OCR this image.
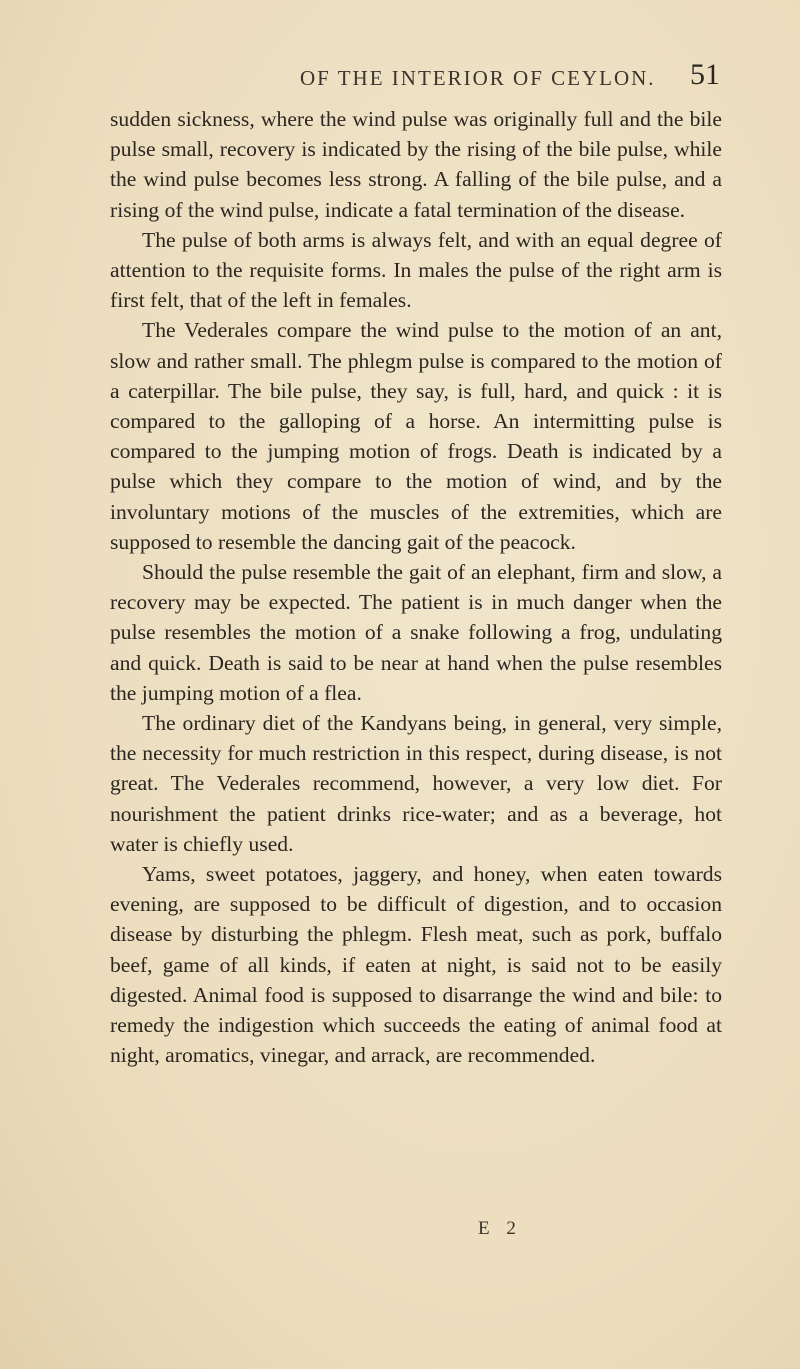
OF THE INTERIOR OF CEYLON. 51

sudden sickness, where the wind pulse was originally full and the bile pulse small, recovery is indicated by the rising of the bile pulse, while the wind pulse becomes less strong. A falling of the bile pulse, and a rising of the wind pulse, indicate a fatal termination of the disease.

The pulse of both arms is always felt, and with an equal degree of attention to the requisite forms. In males the pulse of the right arm is first felt, that of the left in females.

The Vederales compare the wind pulse to the motion of an ant, slow and rather small. The phlegm pulse is compared to the motion of a caterpillar. The bile pulse, they say, is full, hard, and quick : it is compared to the galloping of a horse. An intermitting pulse is compared to the jumping motion of frogs. Death is indicated by a pulse which they compare to the motion of wind, and by the involuntary motions of the muscles of the extremities, which are supposed to resemble the dancing gait of the peacock.

Should the pulse resemble the gait of an elephant, firm and slow, a recovery may be expected. The patient is in much danger when the pulse resembles the motion of a snake following a frog, undulating and quick. Death is said to be near at hand when the pulse resembles the jumping motion of a flea.

The ordinary diet of the Kandyans being, in general, very simple, the necessity for much restriction in this respect, during disease, is not great. The Vederales recommend, however, a very low diet. For nourishment the patient drinks rice-water; and as a beverage, hot water is chiefly used.

Yams, sweet potatoes, jaggery, and honey, when eaten towards evening, are supposed to be difficult of digestion, and to occasion disease by disturbing the phlegm. Flesh meat, such as pork, buffalo beef, game of all kinds, if eaten at night, is said not to be easily digested. Animal food is supposed to disarrange the wind and bile: to remedy the indigestion which succeeds the eating of animal food at night, aromatics, vinegar, and arrack, are recommended.

E 2
